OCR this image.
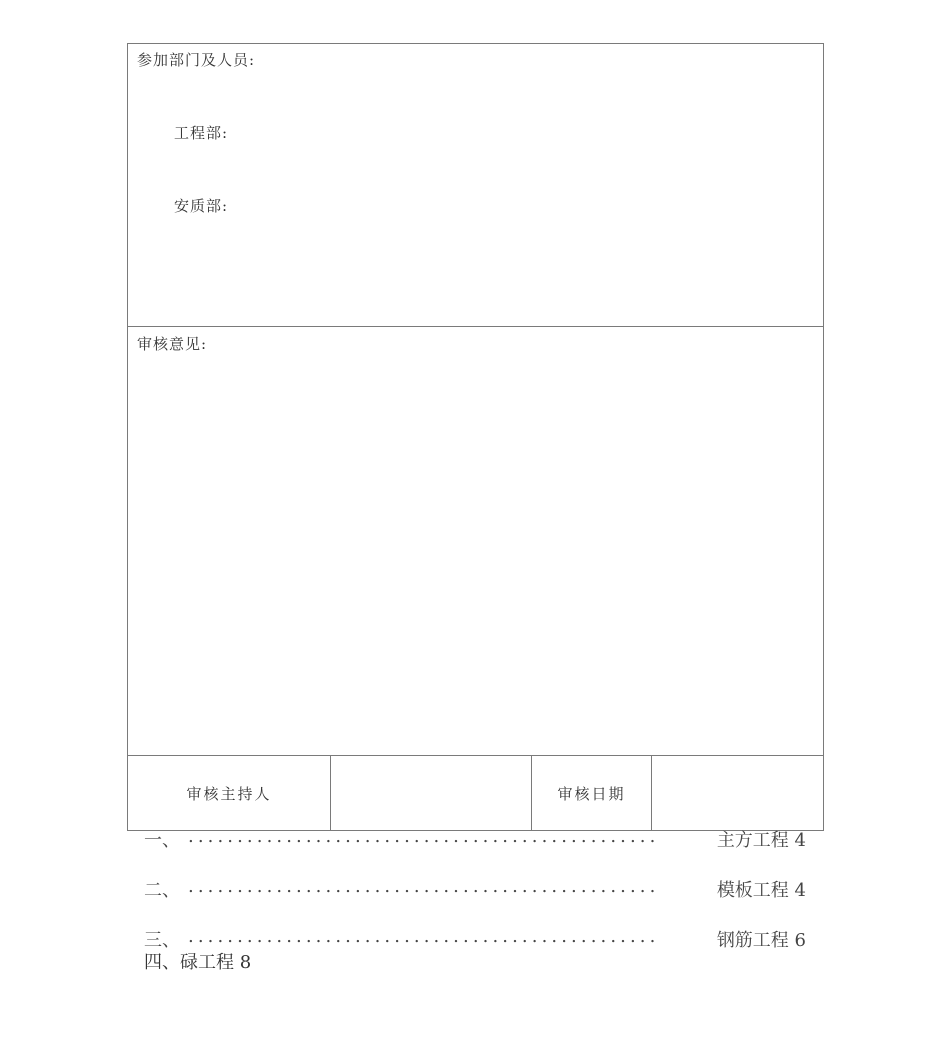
参加部门及人员:
工程部:
安质部:
审核意见:
审核主持人	审核日期
一、 ................................................	主方工程 4
二、 ................................................	模板工程 4
三、 ................................................	钢筋工程 6
四、碌工程 8
